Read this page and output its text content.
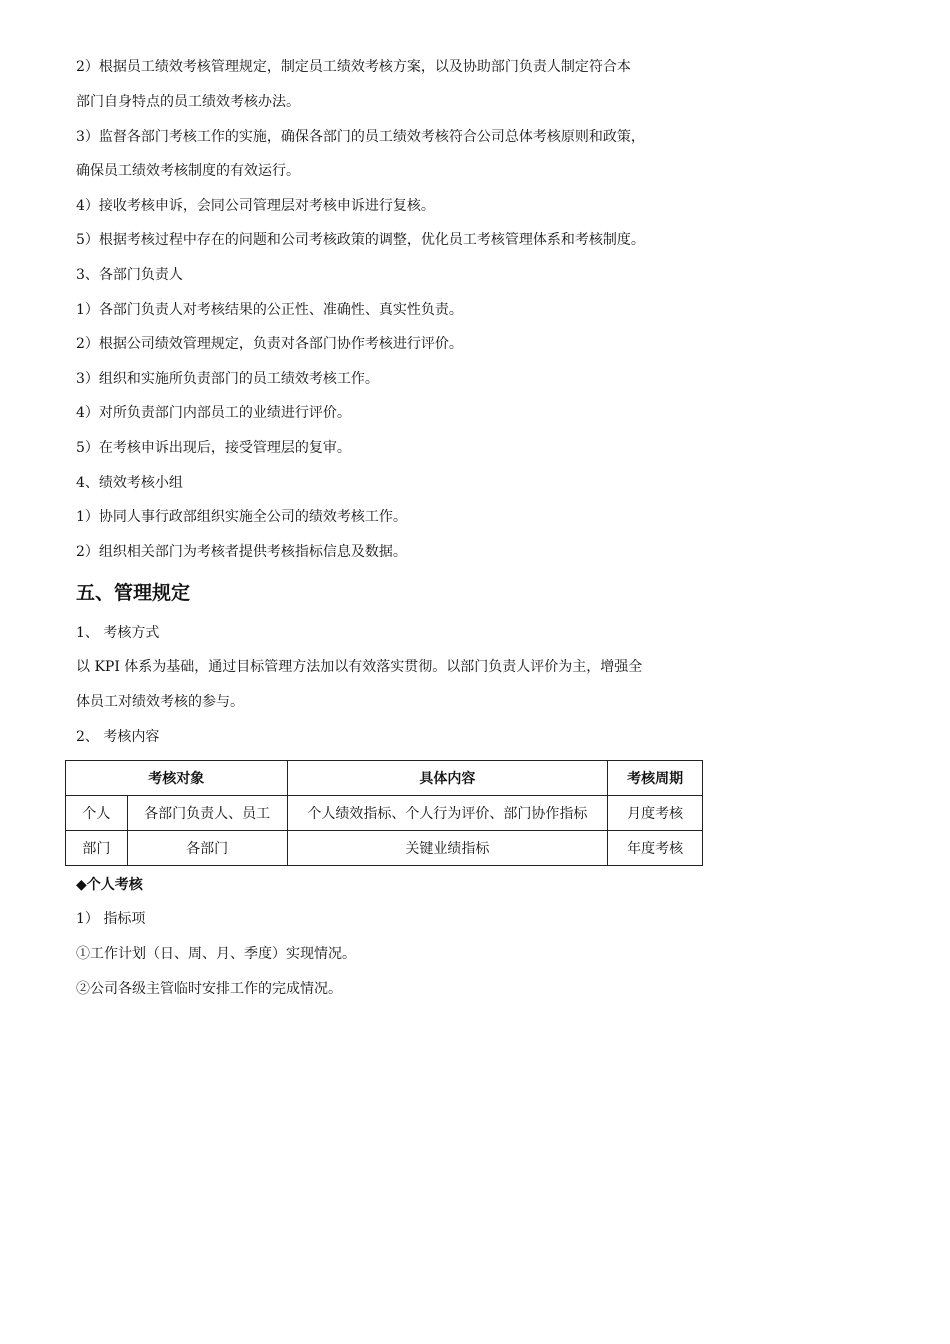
2）根据员工绩效考核管理规定，制定员工绩效考核方案，以及协助部门负责人制定符合本
部门自身特点的员工绩效考核办法。
3）监督各部门考核工作的实施，确保各部门的员工绩效考核符合公司总体考核原则和政策，
确保员工绩效考核制度的有效运行。
4）接收考核申诉，会同公司管理层对考核申诉进行复核。
5）根据考核过程中存在的问题和公司考核政策的调整，优化员工考核管理体系和考核制度。
3、各部门负责人
1）各部门负责人对考核结果的公正性、准确性、真实性负责。
2）根据公司绩效管理规定，负责对各部门协作考核进行评价。
3）组织和实施所负责部门的员工绩效考核工作。
4）对所负责部门内部员工的业绩进行评价。
5）在考核申诉出现后，接受管理层的复审。
4、绩效考核小组
1）协同人事行政部组织实施全公司的绩效考核工作。
2）组织相关部门为考核者提供考核指标信息及数据。
五、管理规定
1、 考核方式
以 KPI 体系为基础，通过目标管理方法加以有效落实贯彻。以部门负责人评价为主，增强全
体员工对绩效考核的参与。
2、 考核内容
考核对象		具体内容	考核周期
个人	各部门负责人、员工	个人绩效指标、个人行为评价、部门协作指标	月度考核
部门	各部门	关键业绩指标	年度考核
◆个人考核
1） 指标项
①工作计划（日、周、月、季度）实现情况。
②公司各级主管临时安排工作的完成情况。
